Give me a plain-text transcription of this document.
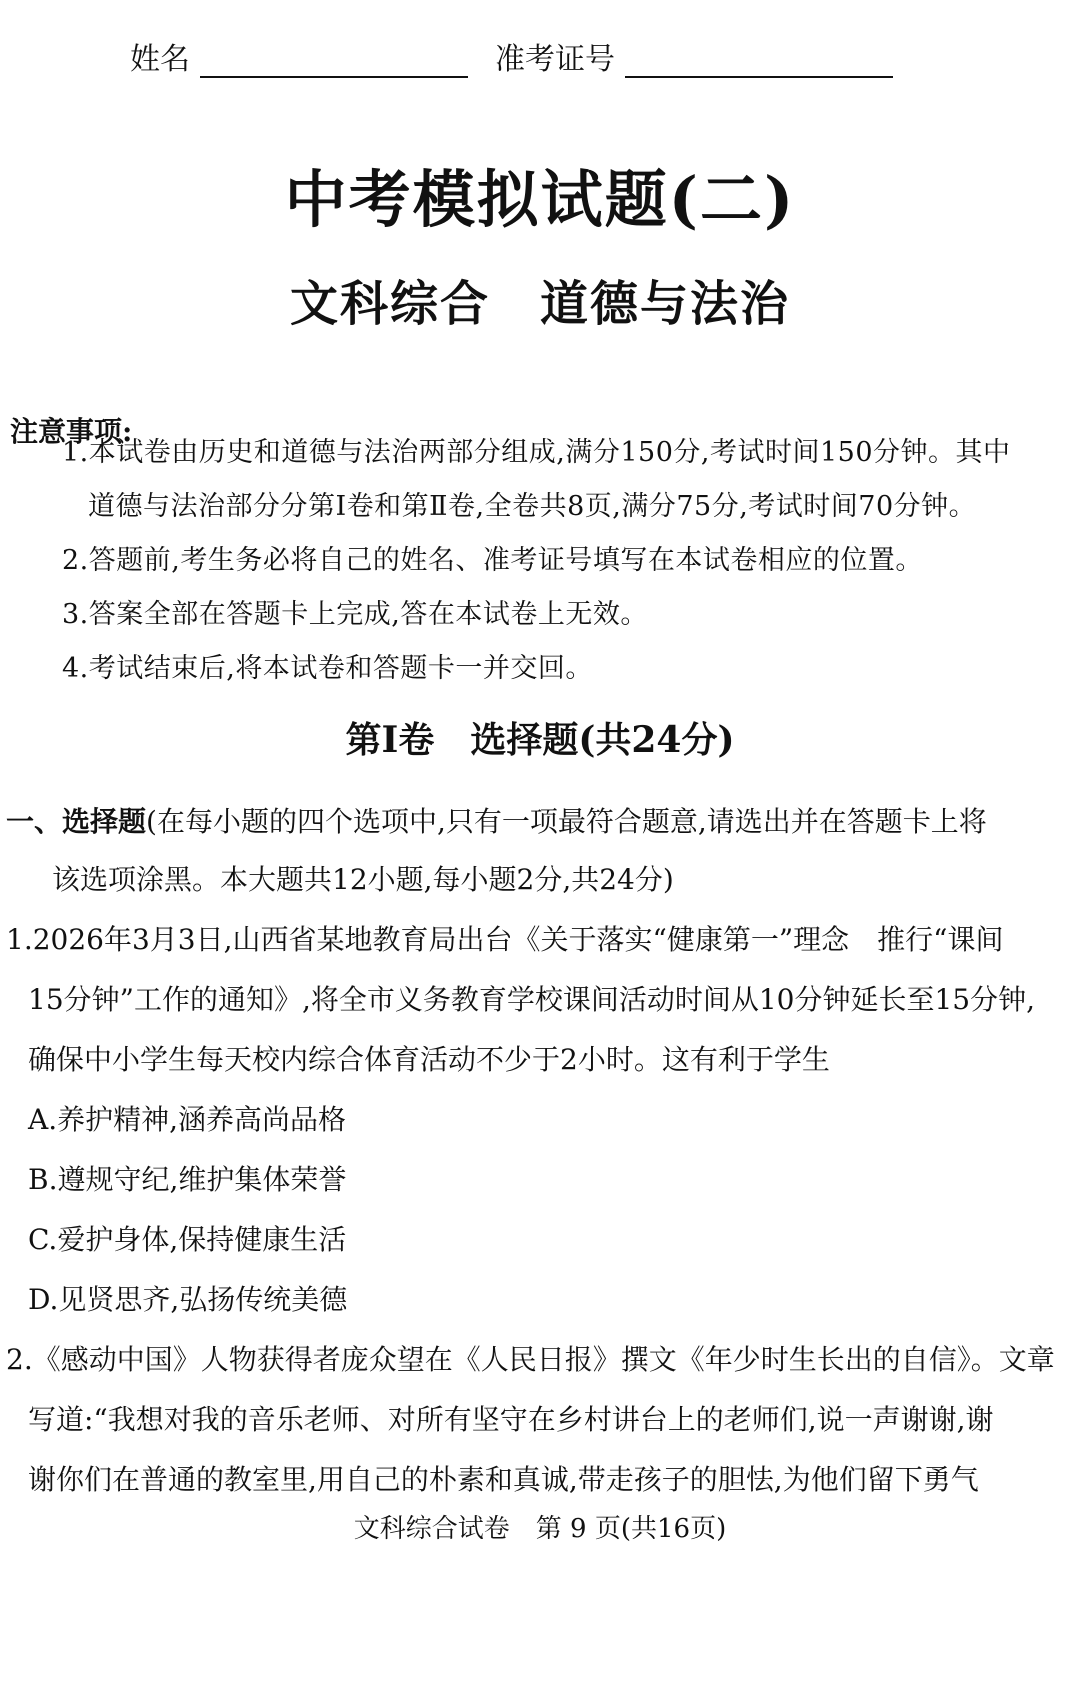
姓名	准考证号
中考模拟试题(二)
文科综合　道德与法治
注意事项:
1.本试卷由历史和道德与法治两部分组成,满分150分,考试时间150分钟。其中
道德与法治部分分第Ⅰ卷和第Ⅱ卷,全卷共8页,满分75分,考试时间70分钟。
2.答题前,考生务必将自己的姓名、准考证号填写在本试卷相应的位置。
3.答案全部在答题卡上完成,答在本试卷上无效。
4.考试结束后,将本试卷和答题卡一并交回。
第Ⅰ卷　选择题(共24分)
一、选择题(在每小题的四个选项中,只有一项最符合题意,请选出并在答题卡上将
该选项涂黑。本大题共12小题,每小题2分,共24分)
1.2026年3月3日,山西省某地教育局出台《关于落实“健康第一”理念　推行“课间
15分钟”工作的通知》,将全市义务教育学校课间活动时间从10分钟延长至15分钟,
确保中小学生每天校内综合体育活动不少于2小时。这有利于学生
A.养护精神,涵养高尚品格
B.遵规守纪,维护集体荣誉
C.爱护身体,保持健康生活
D.见贤思齐,弘扬传统美德
2.《感动中国》人物获得者庞众望在《人民日报》撰文《年少时生长出的自信》。文章
写道:“我想对我的音乐老师、对所有坚守在乡村讲台上的老师们,说一声谢谢,谢
谢你们在普通的教室里,用自己的朴素和真诚,带走孩子的胆怯,为他们留下勇气
文科综合试卷　第 9 页(共16页)
